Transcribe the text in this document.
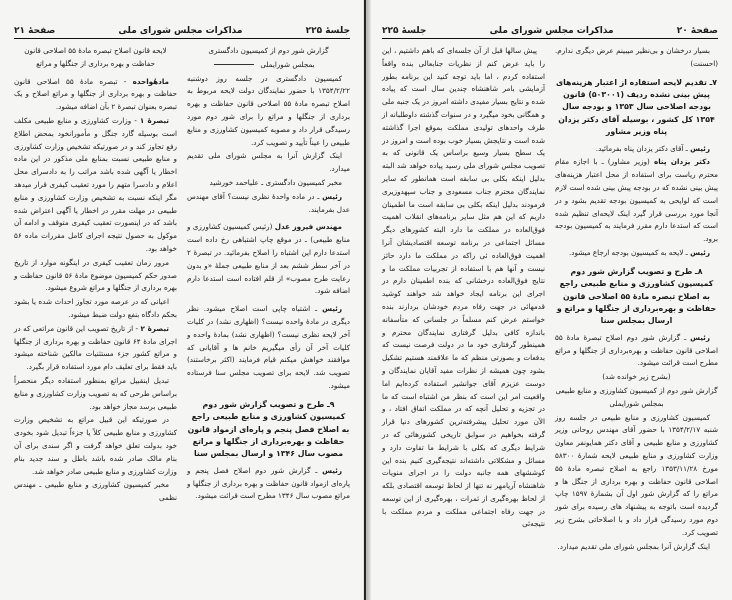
جلسهٔ ۲۲۵
مذاکرات مجلس شورای ملی
صفحهٔ ۲۱

گزارش شور دوم از کمیسیون دادگستری

بمجلس شورایملی

کمیسیون دادگستری در جلسه روز دوشنبه ۱۳۵۴/۲/۲۲ با حضور نمایندگان دولت لایحه مربوط به اصلاح تبصره مادهٔ ۵۵ اصلاحی قانون حفاظت و بهره برداری از جنگلها و مراتع را برای شور دوم مورد رسیدگی قرار داد و مصوبه کمیسیون کشاورزی و منابع طبیعی را عیناً تأیید و تصویب کرد.

اینک گزارش آنرا به مجلس شورای ملی تقدیم میدارد.

مخبر کمیسیون دادگستری ـ علیاحمد خورشید

رئیس ـ در ماده واحدهٔ نظری نیست؟ آقای مهندس عدل بفرمایند.

مهندس فیروز عدل (رئیس کمیسیون کشاورزی و منابع طبیعی) ـ در موقع چاپ اشتباهی رخ داده است استدعا دارم این اشتباه را اصلاح بفرمائید. در تبصرهٔ ۲ در آخر سطر ششم بعد از منابع طبیعی جملهٔ «و بدون رعایت طرح مصوب» از قلم افتاده است استدعا دارم اضافه شود.

رئیس ـ اشتباه چاپی است اصلاح میشود. نظر دیگری در مادهٔ واحده نیست؟ (اظهاری نشد) در کلیات آخر لایحه نظری نیست؟ (اظهاری نشد) بمادهٔ واحده و کلیات آخر آن رأی میگیریم خانم ها و آقایانی که موافقند خواهش میکنم قیام فرمایند (اکثر برخاستند) تصویب شد. لایحه برای تصویب مجلس سنا فرستاده میشود.

۹ـ طرح و تصویب گزارش شور دوم کمیسیون کشاورزی و منابع طبیعی راجع به اصلاح فصل پنجم و پاره‌ای ازمواد قانون حفاظت و بهره‌برداری از جنگلها و مراتع مصوب سال ۱۳۴۶ و ارسال بمجلس سنا

رئیس ـ گزارش شور دوم اصلاح فصل پنجم و پاره‌ای ازمواد قانون حفاظت و بهره برداری از جنگلها و مراتع مصوب سال ۱۳۴۶ مطرح است قرائت میشود.

لایحه قانون اصلاح تبصره مادهٔ ۵۵ اصلاحی قانون حفاظت و بهره برداری از جنگلها و مراتع

مادهٔواحده - تبصره مادهٔ ۵۵ اصلاحی قانون حفاظت و بهره برداری از جنگلها و مراتع اصلاح و یک تبصره بعنوان تبصرهٔ ۲ بآن اضافه میشود.

تبصرهٔ ۱ - وزارت کشاورزی و منابع طبیعی مکلف است بوسیله گارد جنگل و مأمورانخود بمحض اطلاع رفع تجاوز کند و در صورتیکه تشخیص وزارت کشاورزی و منابع طبیعی نسبت بمنابع ملی مذکور در این ماده اخطار یا آگهی شده باشد مراتب را به دادسرای محل اعلام و دادسرا متهم را مورد تعقیب کیفری قرار میدهد مگر اینکه نسبت به تشخیص وزارت کشاورزی و منابع طبیعی در مهلت مقرر در اخطار یا آگهی اعتراض شده باشد که در اینصورت تعقیب کیفری متوقف و ادامه آن موکول به حصول نتیجه اجرای کامل مقررات ماده ۵۶ خواهد بود.

مرور زمان تعقیب کیفری در اینگونه موارد از تاریخ صدور حکم کمیسیون موضوع مادهٔ ۵۶ قانون حفاظت و بهره برداری از جنگلها و مراتع شروع میشود.

اعیانی که در عرصه مورد تجاوز احداث شده یا بشود بحکم دادگاه بنفع دولت ضبط میشود.

تبصرهٔ ۲ - از تاریخ تصویب این قانون مراتعی که در اجرای مادهٔ ۶۴ قانون حفاظت و بهره برداری از جنگلها و مراتع کشور جزء مستثنیات مالکین شناخته میشود باید فقط برای تعلیف دام مورد استفاده قرار بگیرد.

تبدیل اینقبیل مراتع بمنظور استفاده دیگر منحصراً براساس طرحی که به تصویب وزارت کشاورزی و منابع طبیعی برسد مجاز خواهد بود.

در صورتیکه این قبیل مراتع به تشخیص وزارت کشاورزی و منابع طبیعی کلاً یا جزءاً تبدیل شود بخودی خود بدولت تعلق خواهد گرفت و اگر سندی برای آن بنام مالک صادر شده باشد باطل و سند جدید بنام وزارت کشاورزی و منابع طبیعی صادر خواهد شد.

مخبر کمیسیون کشاورزی و منابع طبیعی ـ مهندس نظمی

صفحهٔ ۲۰
مذاکرات مجلس شورای ملی
جلسهٔ ۲۲۵

بسیار درخشان و بی‌نظیر میبینم عرض دیگری ندارم. (احسنت)

۷ـ تقدیم لایحه استفاده از اعتبار هزینه‌های پیش بینی نشده ردیف (۵۰۳۰۰۱) قانون بودجه اصلاحی سال ۱۳۵۳ و بودجه سال ۱۳۵۴ کل کشور ، بوسیله آقای دکتر یزدان پناه وزیر مشاور

رئیس ـ آقای دکتر یزدان پناه بفرمائید.

دکتر یزدان پناه (وزیر مشاور) ـ با اجازه مقام محترم ریاست برای استفاده از محل اعتبار هزینه‌های پیش بینی نشده که در بودجه پیش بینی شده است لازم است که لوایحی به کمیسیون بودجه تقدیم بشود و در آنجا مورد بررسی قرار گیرد اینک لایحه‌ای تنظیم شده است که استدعا دارم مقرر فرمایند به کمیسیون بودجه برود.

رئیس ـ لایحه به کمیسیون بودجه ارجاع میشود.

۸ـ طرح و تصویب گزارش شور دوم کمیسیون کشاورزی و منابع طبیعی راجع به اصلاح تبصره مادهٔ ۵۵ اصلاحی قانون حفاظت و بهره‌برداری از جنگلها و مراتع و ارسال بمجلس سنا

رئیس ـ گزارش شور دوم اصلاح تبصرهٔ مادهٔ ۵۵ اصلاحی قانون حفاظت و بهره‌برداری از جنگلها و مراتع مطرح است قرائت میشود.

(بشرح زیر خوانده شد)

گزارش شور دوم از کمیسیون کشاورزی و منابع طبیعی بمجلس شورایملی

کمیسیون کشاورزی و منابع طبیعی در جلسه روز شنبه ۱۳۵۴/۲/۱۷ با حضور آقای مهندس روحانی وزیر کشاورزی و منابع طبیعی و آقای دکتر همایونفر معاون وزارت کشاورزی و منابع طبیعی لایحه شمارهٔ ۵۸۳۰۰ مورخ ۱۳۵۳/۱۱/۲۸ راجع به اصلاح تبصره مادهٔ ۵۵ اصلاحی قانون حفاظت و بهره برداری از جنگل ها و مراتع را که گزارش شور اول آن بشمارهٔ ۱۵۹۷ چاپ گردیده است باتوجه به پیشنهاد های رسیده برای شور دوم مورد رسیدگی قرار داد و با اصلاحاتی بشرح زیر تصویب کرد.

اینک گزارش آنرا بمجلس شورای ملی تقدیم میدارد.

پیش سالها قبل از آن جلسه‌ای که باهم داشتیم ، این را باید عرض کنم از نظریات جنابعالی بنده واقعاً استفاده کردم ، اما باید توجه کنید این برنامه بطور آزمایشی بامر شاهنشاه چندین سال است که پیاده شده و نتایج بسیار مفیدی داشته امروز در یک جنبه ملی و همگانی بخود میگیرد و در سنوات گذشته داوطلبانه از طرف واحدهای تولیدی مملکت بموقع اجرا گذاشته شده است و نتایجش بسیار خوب بوده است و امروز در یک سطح بسیار وسیع براساس یک قانونی که به تصویب مجلس شورای ملی رسید پیاده خواهد شد البته بدلیل اینکه بکلی بی سابقه است همانطور که سایر نمایندگان محترم جناب مسعودی و جناب سپهدوزیری فرمودند بدلیل اینکه بکلی بی سابقه است ما اطمینان داریم که این هم مثل سایر برنامه‌های انقلاب اهمیت فوق‌العاده در مملکت ما دارد البته کشورهای دیگر مسائل اجتماعی در برنامه توسعه اقتصادیشان آنرا اهمیت فوق‌العاده ئی راکه در مملکت ما دارد حائز نیست و آنها هم با استفاده از تجربیات مملکت ما و نتایج فوق‌العاده درخشانی که بنده اطمینان دارم در اجرای این برنامه ایجاد خواهد شد خواهند کوشید قدمهائی در جهت رفاه مردم خودشان بردارند بنده خواستم عرض کنم مسلماً در جلسانی که متأسفانه باندازه کافی بدلیل گرفتاری نمایندگان محترم و همینطور گرفتاری خود ما در دولت فرصت نیست که بدفعات و بصورتی منظم که ما علاقمند هستیم تشکیل بشود چون همیشه از نظرات مفید آقایان نمایندگان و دوست عزیزم آقای جوانشیر استفاده کرده‌ایم اما واقعیت امر این است که بنظر من اشتباه است که ما در تجزیه و تحلیل آنچه که در مملکت اتفاق افتاد ، و الآن مورد تحلیل پیشرفته‌ترین کشورهای دنیا قرار گرفته بخواهیم در سوابق تاریخی کشورهائی که در شرایط دیگری که بکلی با شرایط ما تفاوت دارد و مسائل و مشکلاتی داشته‌اند نتیجه‌گیری کنیم بنده این کوششهای همه جانبه دولت را در اجرای منویات شاهنشاه آریامهر نه تنها از لحاظ توسعه اقتصادی بلکه از لحاظ بهره‌گیری از ثمرات ، بهره‌گیری از این توسعه در جهت رفاه اجتماعی مملکت و مردم مملکت با نتیجه‌ئی
